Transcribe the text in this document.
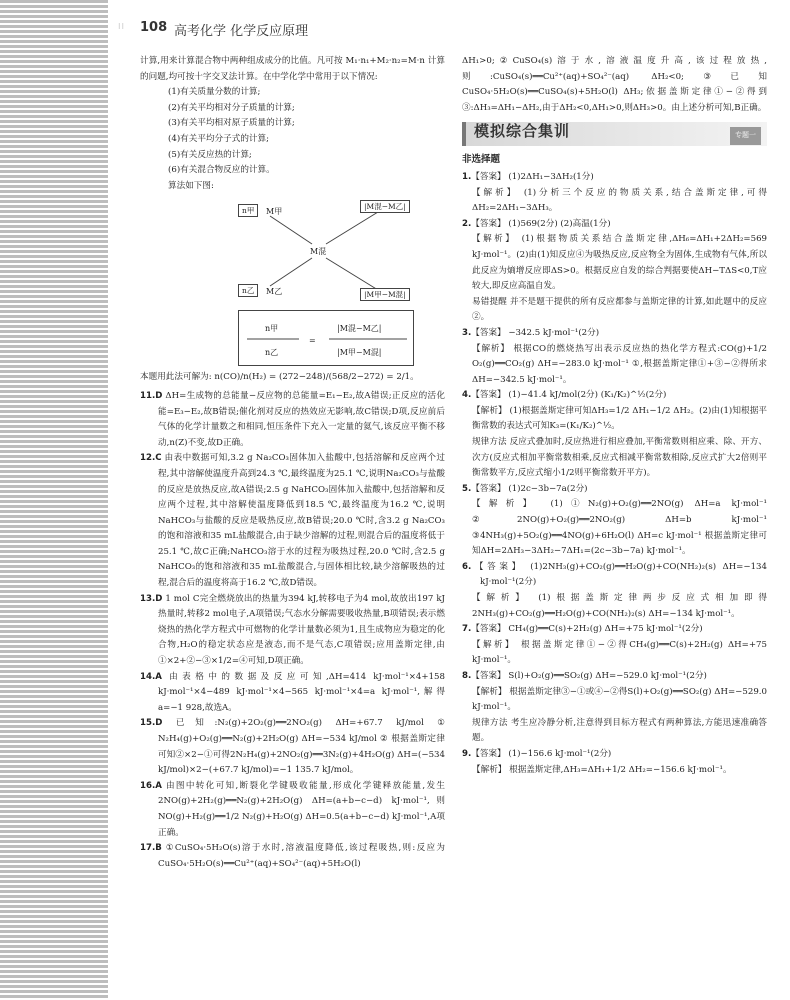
⁝⁝ 108 高考化学 化学反应原理

计算,用来计算混合物中两种组成成分的比值。凡可按 M₁·n₁+M₂·n₂=M·n 计算的问题,均可按十字交叉法计算。在中学化学中常用于以下情况:

(1)有关质量分数的计算;

(2)有关平均相对分子质量的计算;

(3)有关平均相对原子质量的计算;

(4)有关平均分子式的计算;

(5)有关反应热的计算;

(6)有关混合物反应的计算。

算法如下图:

n甲	M甲
|M混−M乙|
M混
n乙	M乙	|M甲−M混|
n甲
n乙
=
|M混−M乙|
|M甲−M混|

本题用此法可解为: n(CO)/n(H₂) = (272−248)/(568/2−272) = 2/1。

11.D ΔH=生成物的总能量−反应物的总能量=E₁−E₂,故A错误;正反应的活化能=E₃−E₂,故B错误;催化剂对反应的热效应无影响,故C错误;D项,反应前后气体的化学计量数之和相同,恒压条件下充入一定量的氦气,该反应平衡不移动,n(Z)不变,故D正确。

12.C 由表中数据可知,3.2 g Na₂CO₃固体加入盐酸中,包括溶解和反应两个过程,其中溶解使温度升高到24.3 ℃,最终温度为25.1 ℃,说明Na₂CO₃与盐酸的反应是放热反应,故A错误;2.5 g NaHCO₃固体加入盐酸中,包括溶解和反应两个过程,其中溶解使温度降低到18.5 ℃,最终温度为16.2 ℃,说明NaHCO₃与盐酸的反应是吸热反应,故B错误;20.0 ℃时,含3.2 g Na₂CO₃的饱和溶液和35 mL盐酸混合,由于缺少溶解的过程,则混合后的温度将低于25.1 ℃,故C正确;NaHCO₃溶于水的过程为吸热过程,20.0 ℃时,含2.5 g NaHCO₃的饱和溶液和35 mL盐酸混合,与固体相比较,缺少溶解吸热的过程,混合后的温度将高于16.2 ℃,故D错误。

13.D 1 mol C完全燃烧放出的热量为394 kJ,转移电子为4 mol,故放出197 kJ热量时,转移2 mol电子,A项错误;气态水分解需要吸收热量,B项错误;表示燃烧热的热化学方程式中可燃物的化学计量数必须为1,且生成物应为稳定的化合物,H₂O的稳定状态应是液态,而不是气态,C项错误;应用盖斯定律,由①×2+②−③×1/2=④可知,D项正确。

14.A 由表格中的数据及反应可知,ΔH=414 kJ·mol⁻¹×4+158 kJ·mol⁻¹×4−489 kJ·mol⁻¹×4−565 kJ·mol⁻¹×4=a kJ·mol⁻¹,解得a=−1 928,故选A。

15.D 已知:N₂(g)+2O₂(g)══2NO₂(g) ΔH=+67.7 kJ/mol ① N₂H₄(g)+O₂(g)══N₂(g)+2H₂O(g) ΔH=−534 kJ/mol ② 根据盖斯定律可知②×2−①可得2N₂H₄(g)+2NO₂(g)══3N₂(g)+4H₂O(g) ΔH=(−534 kJ/mol)×2−(+67.7 kJ/mol)=−1 135.7 kJ/mol。

16.A 由图中转化可知,断裂化学键吸收能量,形成化学键释放能量,发生2NO(g)+2H₂(g)══N₂(g)+2H₂O(g) ΔH=(a+b−c−d) kJ·mol⁻¹,则NO(g)+H₂(g)══1/2 N₂(g)+H₂O(g) ΔH=0.5(a+b−c−d) kJ·mol⁻¹,A项正确。

17.B ①CuSO₄·5H₂O(s)溶于水时,溶液温度降低,该过程吸热,则:反应为CuSO₄·5H₂O(s)══Cu²⁺(aq)+SO₄²⁻(aq)+5H₂O(l)

ΔH₁>0;②CuSO₄(s)溶于水,溶液温度升高,该过程放热,则:CuSO₄(s)══Cu²⁺(aq)+SO₄²⁻(aq) ΔH₂<0;③已知 CuSO₄·5H₂O(s)══CuSO₄(s)+5H₂O(l) ΔH₃;依据盖斯定律①−②得到③:ΔH₃=ΔH₁−ΔH₂,由于ΔH₂<0,ΔH₁>0,则ΔH₃>0。由上述分析可知,B正确。

模拟综合集训	专题一
非选择题

1.【答案】 (1)2ΔH₁−3ΔH₂(1分)

【解析】 (1)分析三个反应的物质关系,结合盖斯定律,可得ΔH₂=2ΔH₁−3ΔH₃。

2.【答案】 (1)569(2分) (2)高温(1分)

【解析】 (1)根据物质关系结合盖斯定律,ΔH₆=ΔH₁+2ΔH₂=569 kJ·mol⁻¹。(2)由(1)知反应④为吸热反应,反应物全为固体,生成物有气体,所以此反应为熵增反应即ΔS>0。根据反应自发的综合判据要使ΔH−TΔS<0,T应较大,即反应高温自发。

易错提醒 并不是题干提供的所有反应都参与盖斯定律的计算,如此题中的反应②。

3.【答案】 −342.5 kJ·mol⁻¹(2分)

【解析】 根据CO的燃烧热写出表示反应热的热化学方程式:CO(g)+1/2 O₂(g)══CO₂(g) ΔH=−283.0 kJ·mol⁻¹ ①,根据盖斯定律①+③−②得所求ΔH=−342.5 kJ·mol⁻¹。

4.【答案】 (1)−41.4 kJ/mol(2分) (K₁/K₂)^½(2分)

【解析】 (1)根据盖斯定律可知ΔH₃=1/2 ΔH₁−1/2 ΔH₂。(2)由(1)知根据平衡常数的表达式可知K₃=(K₁/K₂)^½。

规律方法 反应式叠加时,反应热进行相应叠加,平衡常数则相应乘、除、开方、次方(反应式相加平衡常数相乘,反应式相减平衡常数相除,反应式扩大2倍则平衡常数平方,反应式缩小1/2则平衡常数开平方)。

5.【答案】 (1)2c−3b−7a(2分)

【解析】 (1)①N₂(g)+O₂(g)══2NO(g) ΔH=a kJ·mol⁻¹ ②2NO(g)+O₂(g)══2NO₂(g) ΔH=b kJ·mol⁻¹ ③4NH₃(g)+5O₂(g)══4NO(g)+6H₂O(l) ΔH=c kJ·mol⁻¹ 根据盖斯定律可知ΔH=2ΔH₃−3ΔH₂−7ΔH₁=(2c−3b−7a) kJ·mol⁻¹。

6.【答案】 (1)2NH₃(g)+CO₂(g)══H₂O(g)+CO(NH₂)₂(s) ΔH=−134 kJ·mol⁻¹(2分)

【解析】 (1)根据盖斯定律两步反应式相加即得2NH₃(g)+CO₂(g)══H₂O(g)+CO(NH₂)₂(s) ΔH=−134 kJ·mol⁻¹。

7.【答案】 CH₄(g)══C(s)+2H₂(g) ΔH=+75 kJ·mol⁻¹(2分)

【解析】 根据盖斯定律①−②得CH₄(g)══C(s)+2H₂(g) ΔH=+75 kJ·mol⁻¹。

8.【答案】 S(l)+O₂(g)══SO₂(g) ΔH=−529.0 kJ·mol⁻¹(2分)

【解析】 根据盖斯定律③−①或④−②得S(l)+O₂(g)══SO₂(g) ΔH=−529.0 kJ·mol⁻¹。

规律方法 考生应冷静分析,注意得到目标方程式有两种算法,方能迅速准确答题。

9.【答案】 (1)−156.6 kJ·mol⁻¹(2分)

【解析】 根据盖斯定律,ΔH₃=ΔH₁+1/2 ΔH₂=−156.6 kJ·mol⁻¹。
